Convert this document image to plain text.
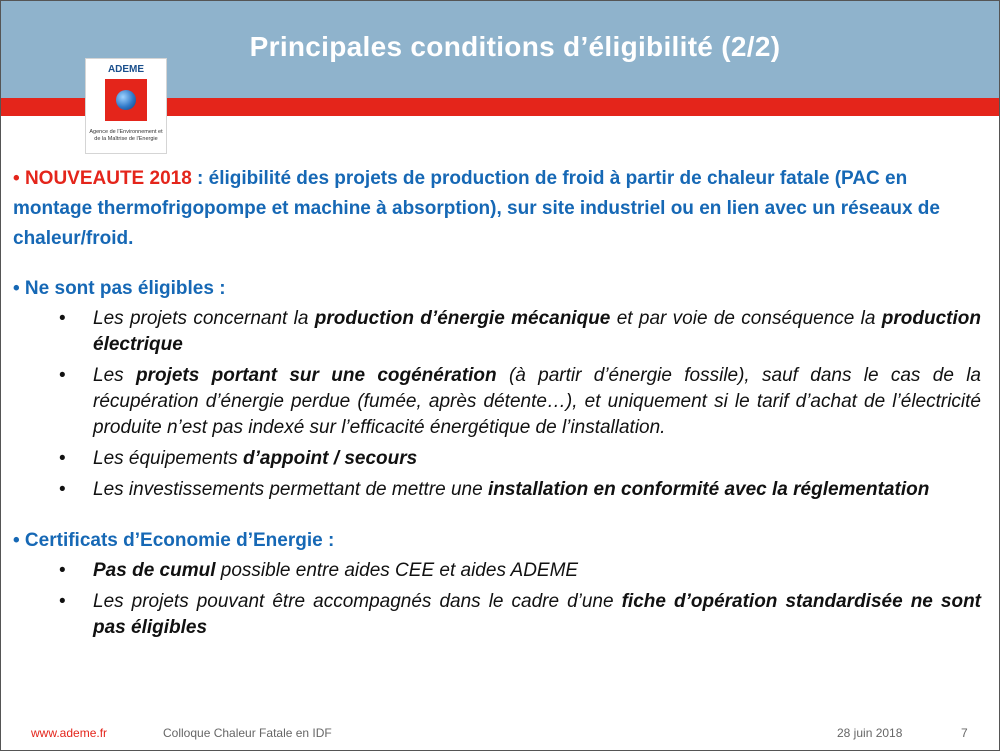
Principales conditions d’éligibilité (2/2)
ADEME
Agence de l'Environnement et de la Maîtrise de l'Energie
• NOUVEAUTE 2018 : éligibilité des projets de production de froid à partir de chaleur fatale (PAC en montage thermofrigopompe et machine à absorption), sur site industriel ou en lien avec un réseaux de chaleur/froid.
• Ne sont pas éligibles :
• Les projets concernant la production d’énergie mécanique et par voie de conséquence la production électrique
• Les projets portant sur une cogénération (à partir d’énergie fossile), sauf dans le cas de la récupération d’énergie perdue (fumée, après détente…), et uniquement si le tarif d’achat de l’électricité produite n’est pas indexé sur l’efficacité énergétique de l’installation.
• Les équipements d’appoint / secours
• Les investissements permettant de mettre une installation en conformité avec la réglementation
• Certificats d’Economie d’Energie :
• Pas de cumul possible entre aides CEE et aides ADEME
• Les projets pouvant être accompagnés dans le cadre d’une fiche d’opération standardisée ne sont pas éligibles
www.ademe.fr	Colloque Chaleur Fatale en IDF	28 juin 2018	7
